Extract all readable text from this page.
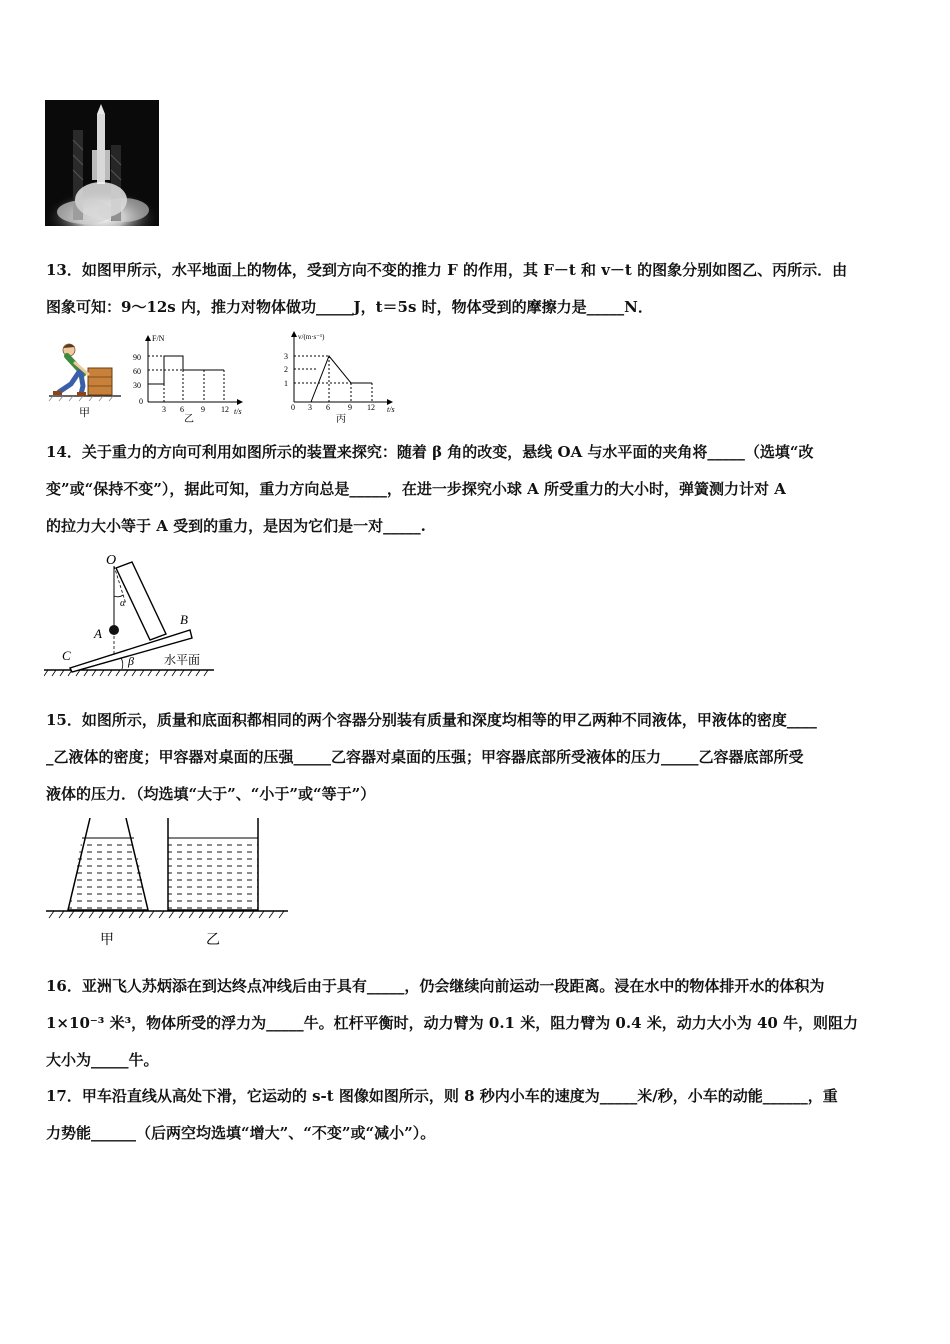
13．如图甲所示，水平地面上的物体，受到方向不变的推力 F 的作用，其 F－t 和 v－t 的图象分别如图乙、丙所示．由

图象可知：9～12s 内，推力对物体做功_____J，t＝5s 时，物体受到的摩擦力是_____N．

甲
F/N
t/s
90
60
30
0
3 6 9 12
乙
v/(m·s⁻¹)
t/s
3
2
1
0 3 6 9 12
丙

14．关于重力的方向可利用如图所示的装置来探究：随着 β 角的改变，悬线 OA 与水平面的夹角将_____（选填“改

变”或“保持不变”），据此可知，重力方向总是_____，在进一步探究小球 A 所受重力的大小时，弹簧测力计对 A

的拉力大小等于 A 受到的重力，是因为它们是一对_____.

O
A
B
C
α
β	水平面

15．如图所示，质量和底面积都相同的两个容器分别装有质量和深度均相等的甲乙两种不同液体，甲液体的密度____

_乙液体的密度；甲容器对桌面的压强_____乙容器对桌面的压强；甲容器底部所受液体的压力_____乙容器底部所受

液体的压力．（均选填“大于”、“小于”或“等于”）

甲	乙

16．亚洲飞人苏炳添在到达终点冲线后由于具有_____，仍会继续向前运动一段距离。浸在水中的物体排开水的体积为

1×10⁻³ 米³，物体所受的浮力为_____牛。杠杆平衡时，动力臂为 0.1 米，阻力臂为 0.4 米，动力大小为 40 牛，则阻力

大小为_____牛。

17．甲车沿直线从高处下滑，它运动的 s-t 图像如图所示，则 8 秒内小车的速度为_____米/秒，小车的动能______，重

力势能______（后两空均选填“增大”、“不变”或“减小”）。
